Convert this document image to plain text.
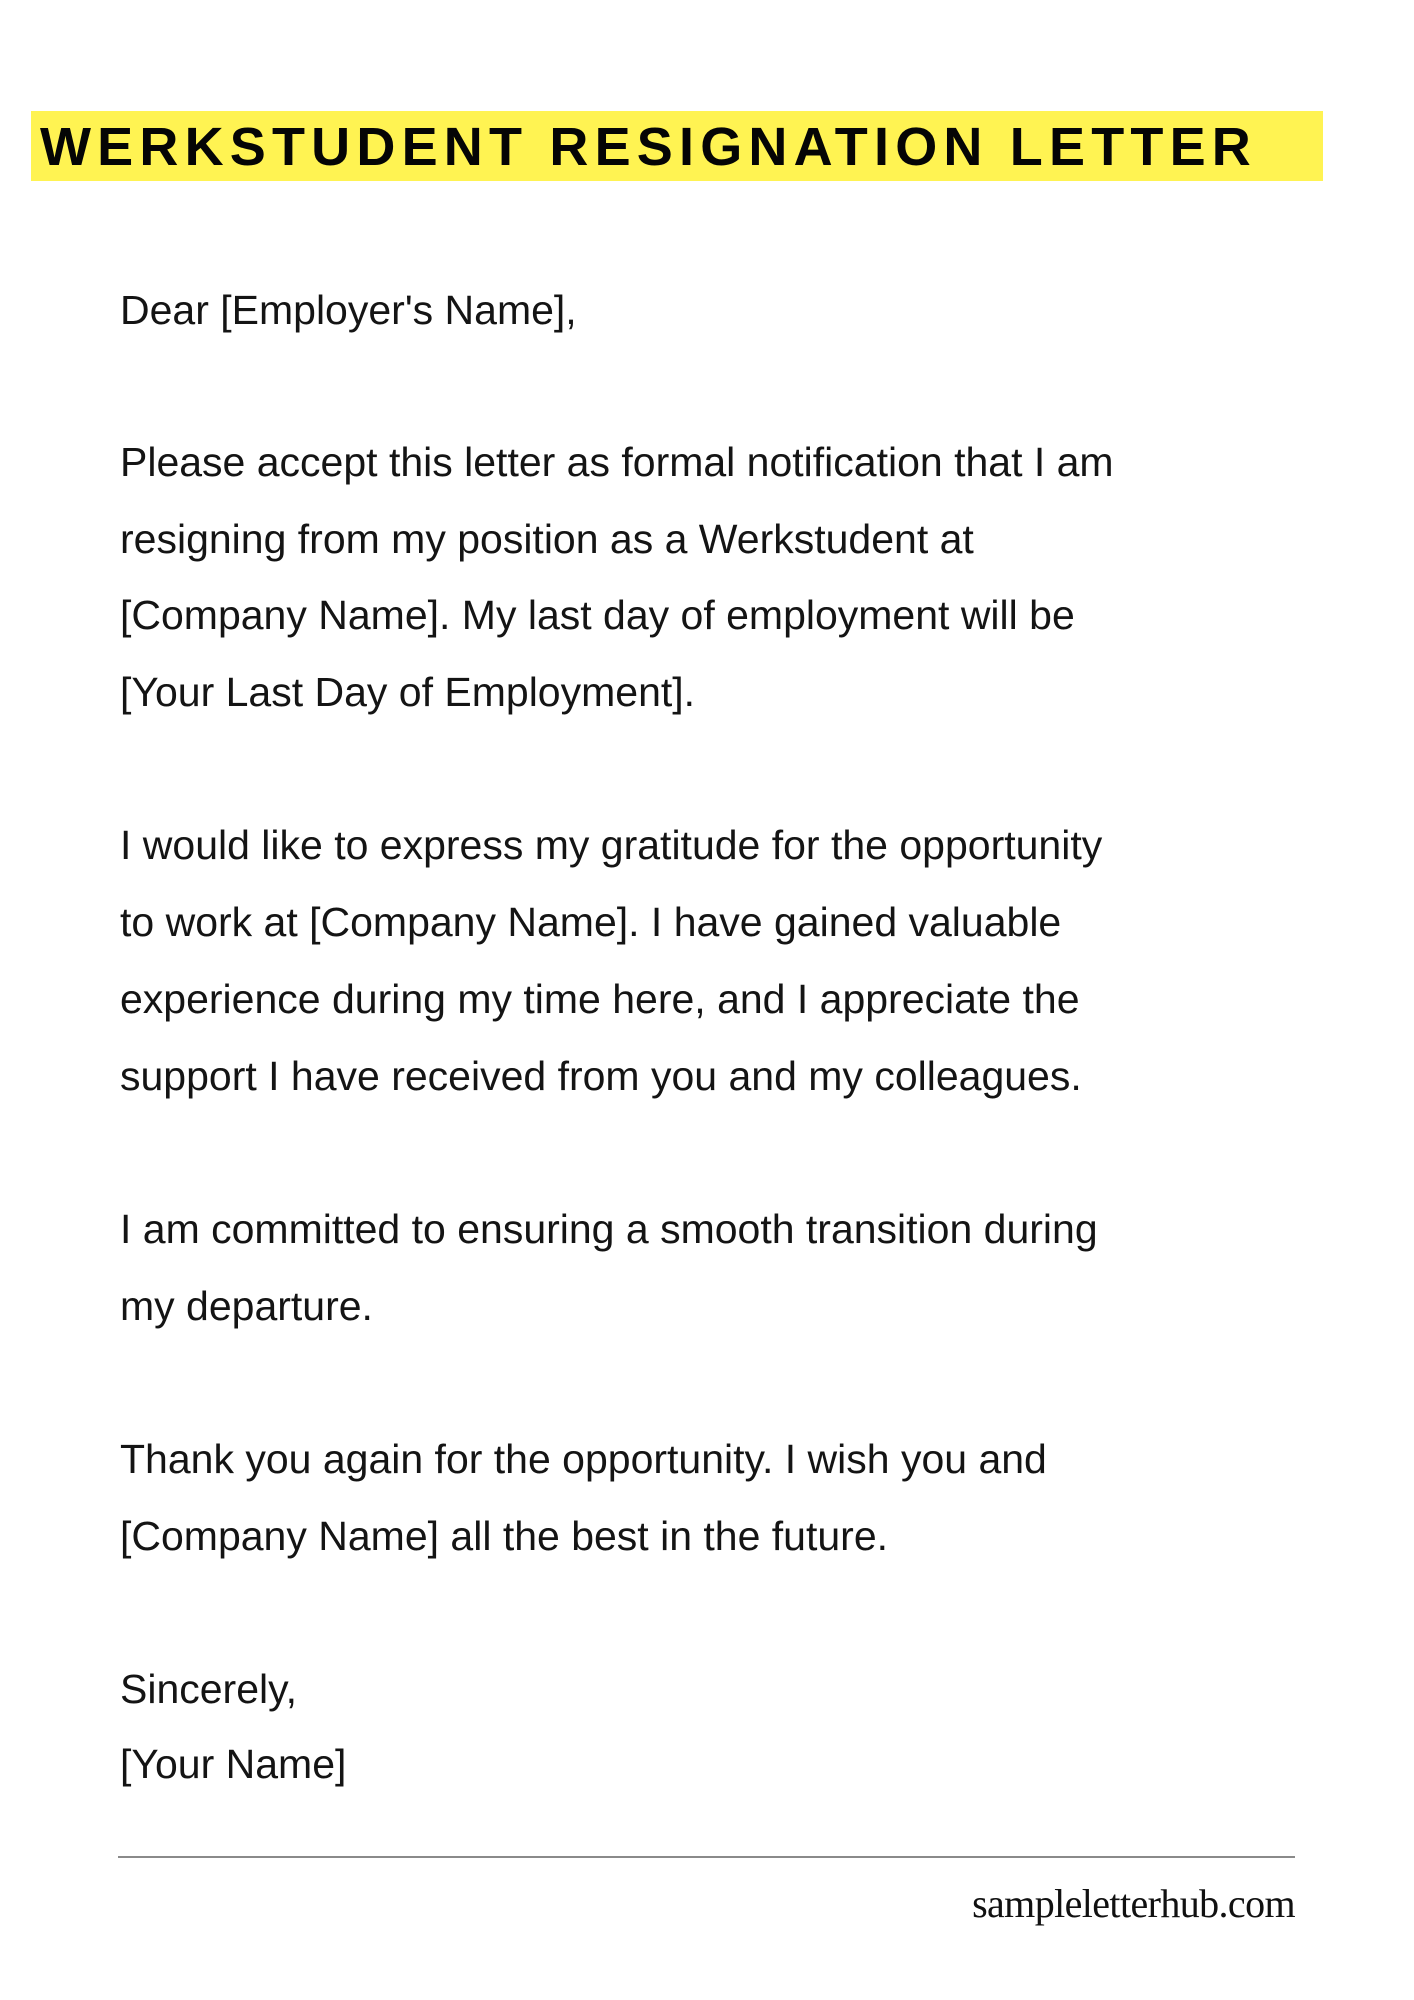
WERKSTUDENT RESIGNATION LETTER
Dear [Employer's Name],
Please accept this letter as formal notification that I am
resigning from my position as a Werkstudent at
[Company Name]. My last day of employment will be
[Your Last Day of Employment].
I would like to express my gratitude for the opportunity
to work at [Company Name]. I have gained valuable
experience during my time here, and I appreciate the
support I have received from you and my colleagues.
I am committed to ensuring a smooth transition during
my departure.
Thank you again for the opportunity. I wish you and
[Company Name] all the best in the future.
Sincerely,
[Your Name]
sampleletterhub.com
